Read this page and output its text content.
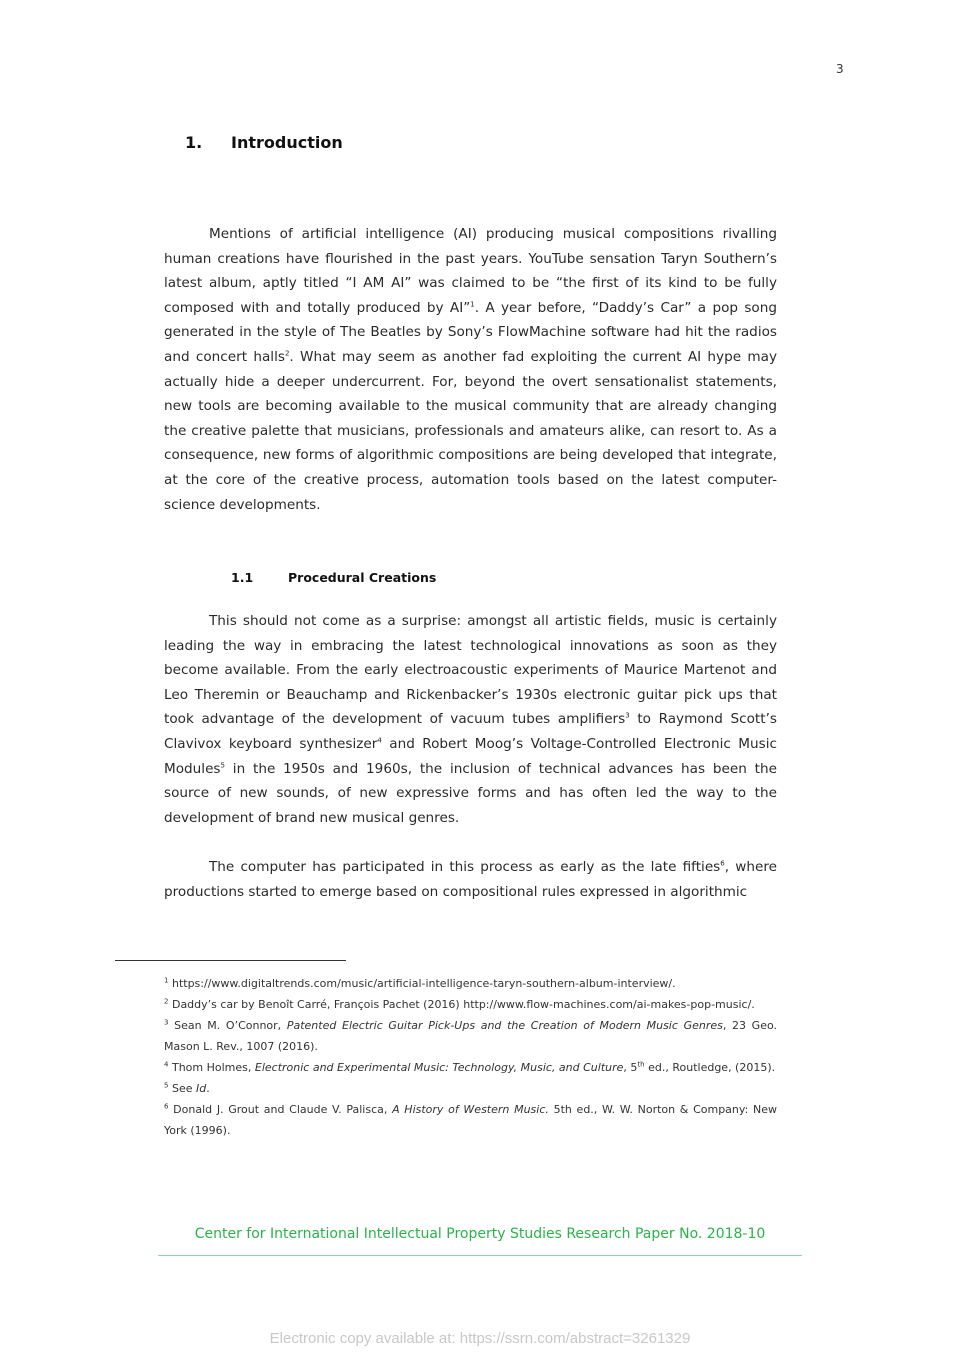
3
1. Introduction

Mentions of artificial intelligence (AI) producing musical compositions rivalling human creations have flourished in the past years. YouTube sensation Taryn Southern’s latest album, aptly titled “I AM AI” was claimed to be “the first of its kind to be fully composed with and totally produced by AI”$^1$. A year before, “Daddy’s Car” a pop song generated in the style of The Beatles by Sony’s FlowMachine software had hit the radios and concert halls$^2$. What may seem as another fad exploiting the current AI hype may actually hide a deeper undercurrent. For, beyond the overt sensationalist statements, new tools are becoming available to the musical community that are already changing the creative palette that musicians, professionals and amateurs alike, can resort to. As a consequence, new forms of algorithmic compositions are being developed that integrate, at the core of the creative process, automation tools based on the latest computer-science developments.

1.1	Procedural Creations

This should not come as a surprise: amongst all artistic fields, music is certainly leading the way in embracing the latest technological innovations as soon as they become available. From the early electroacoustic experiments of Maurice Martenot and Leo Theremin or Beauchamp and Rickenbacker’s 1930s electronic guitar pick ups that took advantage of the development of vacuum tubes amplifiers$^3$ to Raymond Scott’s Clavivox keyboard synthesizer$^4$ and Robert Moog’s Voltage-Controlled Electronic Music Modules$^5$ in the 1950s and 1960s, the inclusion of technical advances has been the source of new sounds, of new expressive forms and has often led the way to the development of brand new musical genres.

The computer has participated in this process as early as the late fifties$^6$, where productions started to emerge based on compositional rules expressed in algorithmic

$^1$ https://www.digitaltrends.com/music/artificial-intelligence-taryn-southern-album-interview/.
$^2$ Daddy’s car by Benoît Carré, François Pachet (2016) http://www.flow-machines.com/ai-makes-pop-music/.
$^3$ Sean M. O’Connor, Patented Electric Guitar Pick-Ups and the Creation of Modern Music Genres, 23 Geo. Mason L. Rev., 1007 (2016).
$^4$ Thom Holmes, Electronic and Experimental Music: Technology, Music, and Culture, 5th ed., Routledge, (2015).
$^5$ See Id.
$^6$ Donald J. Grout and Claude V. Palisca, A History of Western Music. 5th ed., W. W. Norton & Company: New York (1996).
Center for International Intellectual Property Studies Research Paper No. 2018-10
Electronic copy available at: https://ssrn.com/abstract=3261329
